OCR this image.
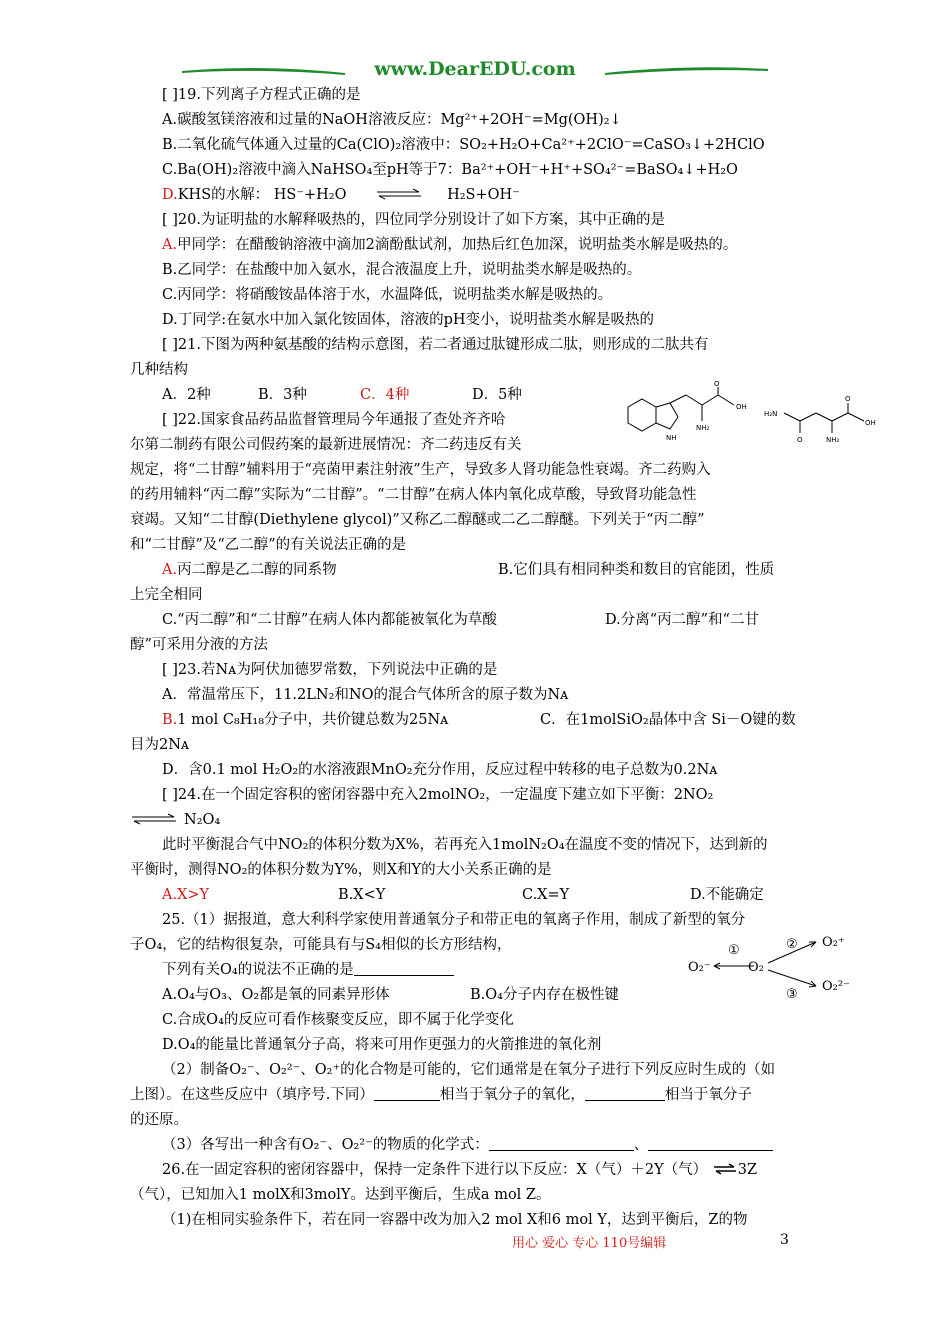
www.DearEDU.com
[ ]19.下列离子方程式正确的是
A.碳酸氢镁溶液和过量的NaOH溶液反应：Mg²⁺+2OH⁻=Mg(OH)₂↓
B.二氧化硫气体通入过量的Ca(ClO)₂溶液中：SO₂+H₂O+Ca²⁺+2ClO⁻=CaSO₃↓+2HClO
C.Ba(OH)₂溶液中滴入NaHSO₄至pH等于7：Ba²⁺+OH⁻+H⁺+SO₄²⁻=BaSO₄↓+H₂O
D.KHS的水解： HS⁻+H₂O	H₂S+OH⁻
[ ]20.为证明盐的水解释吸热的，四位同学分别设计了如下方案，其中正确的是
A.甲同学：在醋酸钠溶液中滴加2滴酚酞试剂，加热后红色加深，说明盐类水解是吸热的。
B.乙同学：在盐酸中加入氨水，混合液温度上升，说明盐类水解是吸热的。
C.丙同学：将硝酸铵晶体溶于水，水温降低，说明盐类水解是吸热的。
D.丁同学:在氨水中加入氯化铵固体，溶液的pH变小，说明盐类水解是吸热的
[ ]21.下图为两种氨基酸的结构示意图，若二者通过肽键形成二肽，则形成的二肽共有
几种结构
A．2种	B．3种	C．4种	D．5种
O
OH
NH₂
NH
H₂N
O
OH
O	NH₂
[ ]22.国家食品药品监督管理局今年通报了查处齐齐哈
尔第二制药有限公司假药案的最新进展情况：齐二药违反有关
规定，将“二甘醇”辅料用于“亮菌甲素注射液”生产，导致多人肾功能急性衰竭。齐二药购入
的药用辅料“丙二醇”实际为“二甘醇”。“二甘醇”在病人体内氧化成草酸，导致肾功能急性
衰竭。又知“二甘醇(Diethylene glycol)”又称乙二醇醚或二乙二醇醚。下列关于“丙二醇”
和“二甘醇”及“乙二醇”的有关说法正确的是
A.丙二醇是乙二醇的同系物	B.它们具有相同种类和数目的官能团，性质
上完全相同
C.“丙二醇”和“二甘醇”在病人体内都能被氧化为草酸	D.分离“丙二醇”和“二甘
醇”可采用分液的方法
[ ]23.若Nᴀ为阿伏加德罗常数，下列说法中正确的是
A．常温常压下，11.2LN₂和NO的混合气体所含的原子数为Nᴀ
B.1 mol C₈H₁₈分子中，共价键总数为25Nᴀ	C．在1molSiO₂晶体中含 Si－O键的数
目为2Nᴀ
D．含0.1 mol H₂O₂的水溶液跟MnO₂充分作用，反应过程中转移的电子总数为0.2Nᴀ
[ ]24.在一个固定容积的密闭容器中充入2molNO₂，一定温度下建立如下平衡：2NO₂
⇌ N₂O₄
此时平衡混合气中NO₂的体积分数为X%，若再充入1molN₂O₄在温度不变的情况下，达到新的
平衡时，测得NO₂的体积分数为Y%，则X和Y的大小关系正确的是
A.X>Y	B.X<Y	C.X=Y	D.不能确定
25.（1）据报道，意大利科学家使用普通氧分子和带正电的氧离子作用，制成了新型的氧分
子O₄，它的结构很复杂，可能具有与S₄相似的长方形结构，
下列有关O₄的说法不正确的是
A.O₄与O₃、O₂都是氧的同素异形体	B.O₄分子内存在极性键
C.合成O₄的反应可看作核聚变反应，即不属于化学变化
D.O₄的能量比普通氧分子高，将来可用作更强力的火箭推进的氧化剂
①	②
③
O₂⁻	O₂
O₂⁺
O₂²⁻
（2）制备O₂⁻、O₂²⁻、O₂⁺的化合物是可能的，它们通常是在氧分子进行下列反应时生成的（如
上图）。在这些反应中（填序号.下同）	相当于氧分子的氧化，	相当于氧分子
的还原。
（3）各写出一种含有O₂⁻、O₂²⁻的物质的化学式：	、
26.在一固定容积的密闭容器中，保持一定条件下进行以下反应：X（气）＋2Y（气） ⇌3Z
（气），已知加入1 molX和3molY。达到平衡后，生成a mol Z。
（1)在相同实验条件下，若在同一容器中改为加入2 mol X和6 mol Y，达到平衡后，Z的物
用心 爱心 专心 110号编辑	3
